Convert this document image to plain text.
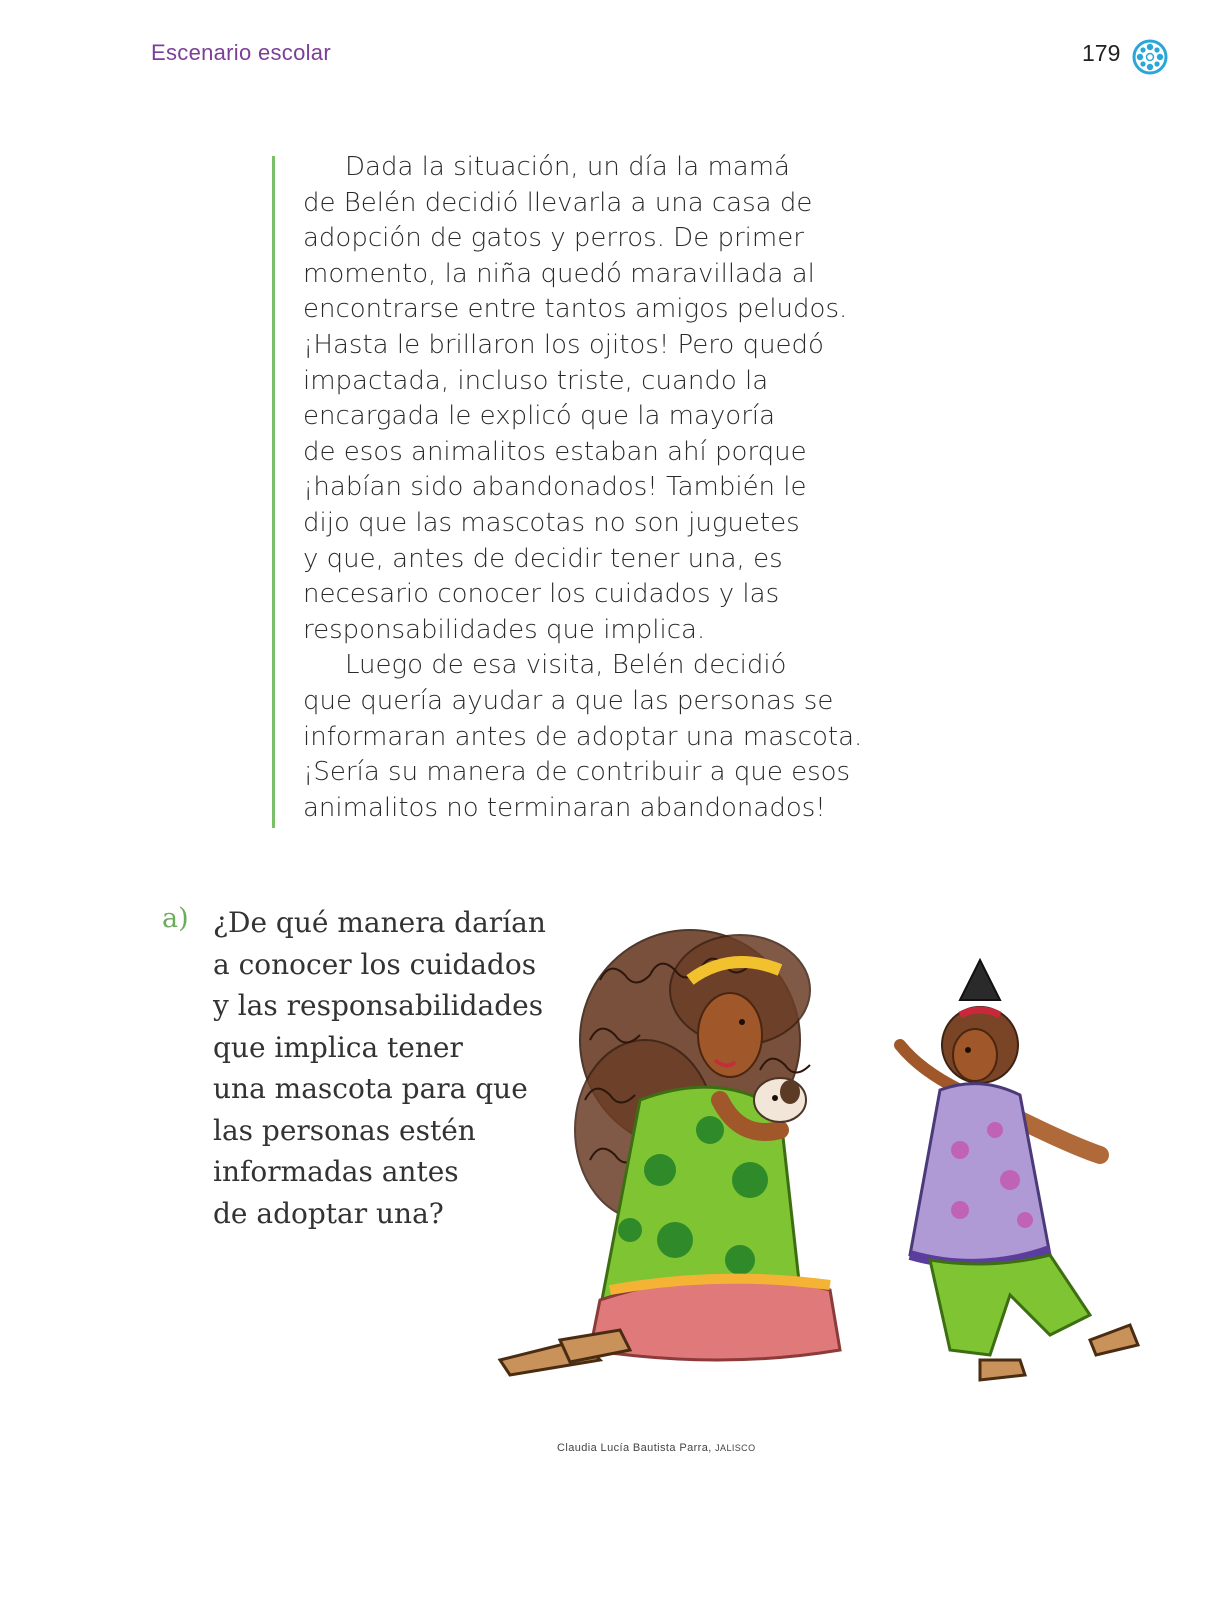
Escenario escolar	179
Dada la situación, un día la mamá
de Belén decidió llevarla a una casa de
adopción de gatos y perros. De primer
momento, la niña quedó maravillada al
encontrarse entre tantos amigos peludos.
¡Hasta le brillaron los ojitos! Pero quedó
impactada, incluso triste, cuando la
encargada le explicó que la mayoría
de esos animalitos estaban ahí porque
¡habían sido abandonados! También le
dijo que las mascotas no son juguetes
y que, antes de decidir tener una, es
necesario conocer los cuidados y las
responsabilidades que implica.
Luego de esa visita, Belén decidió
que quería ayudar a que las personas se
informaran antes de adoptar una mascota.
¡Sería su manera de contribuir a que esos
animalitos no terminaran abandonados!
a) ¿De qué manera darían
a conocer los cuidados
y las responsabilidades
que implica tener
una mascota para que
las personas estén
informadas antes
de adoptar una?
Claudia Lucía Bautista Parra, JALISCO
